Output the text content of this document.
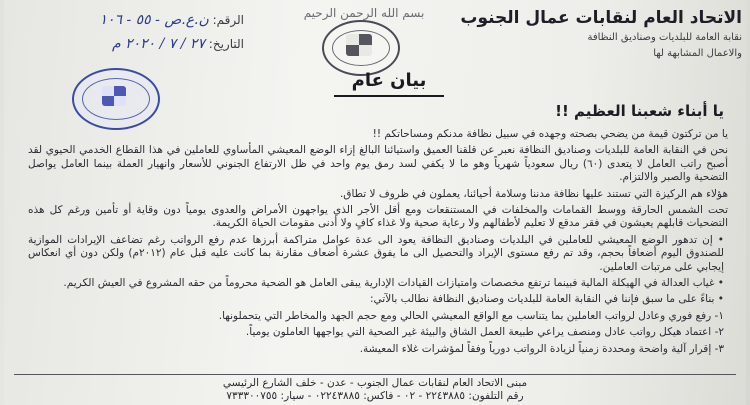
الاتحاد العام لنقابات عمال الجنوب
نقابة العامة للبلديات وصناديق النظافة
والاعمال المشابهة لها
بسم الله الرحمن الرحيم
الرقم: ن.ع.ص - ٥٥ - ١٠٦
التاريخ: ٢٧ / ٧ / ٢٠٢٠ م
بيان عام
يا أبناء شعبنا العظيم !!

يا من تركتون قيمة من يضحي بصحته وجهده في سبيل نظافة مدنكم ومساحاتكم !!

نحن في النقابة العامة للبلديات وصناديق النظافة نعبر عن قلقنا العميق واستيائنا البالغ إزاء الوضع المعيشي المأساوي للعاملين في هذا القطاع الخدمي الحيوي لقد أصبح راتب العامل لا يتعدى (٦٠) ريال سعودياً شهرياً وهو ما لا يكفي لسد رمق يوم واحد في ظل الارتفاع الجنوني للأسعار وانهيار العملة بينما العامل يواصل التضحية والصبر والالتزام.

هؤلاء هم الركيزة التي تستند عليها نظافة مدننا وسلامة أحيائنا، يعملون في ظروف لا تطاق.

تحت الشمس الحارقة ووسط القمامات والمخلفات في المستنقعات ومع أقل الأجر الذي يواجهون الأمراض والعدوى يومياً دون وقاية أو تأمين ورغم كل هذه التضحيات قابلهم يعيشون في فقر مدقع لا تعليم لأطفالهم ولا رعاية صحية ولا غذاء كافٍ ولا أدنى مقومات الحياة الكريمة.

• إن تدهور الوضع المعيشي للعاملين في البلديات وصناديق النظافة يعود الى عدة عوامل متراكمة أبرزها عدم رفع الرواتب رغم تضاعف الإيرادات الموازية للصندوق اليوم أضعافاً بحجم، وقد تم رفع مستوى الإيراد والتحصيل الى ما يفوق عشرة أضعاف مقارنة بما كانت عليه قبل عام (٢٠١٢م) ولكن دون أي انعكاس إيجابي على مرتبات العاملين.

• غياب العدالة في الهيكلة المالية فبينما ترتفع مخصصات وامتيازات القيادات الإدارية يبقى العامل هو الضحية محروماً من حقه المشروع في العيش الكريم.

• بناءً على ما سبق فإننا في النقابة العامة للبلديات وصناديق النظافة نطالب بالآتي:

١- رفع فوري وعادل لرواتب العاملين بما يتناسب مع الواقع المعيشي الحالي ومع حجم الجهد والمخاطر التي يتحملونها.

٢- اعتماد هيكل رواتب عادل ومنصف يراعي طبيعة العمل الشاق والبيئة غير الصحية التي يواجهها العاملون يومياً.

٣- إقرار آلية واضحة ومحددة زمنياً لزيادة الرواتب دورياً وفقاً لمؤشرات غلاء المعيشة.

مبنى الاتحاد العام لنقابات عمال الجنوب - عدن - خلف الشارع الرئيسي
رقم التلفون: ٢٢٤٣٨٨٥ - ٠٢ - فاكس: ٠٢٢٤٣٨٨٥ - سيار: ٧٣٣٣٠٠٧٥٥
